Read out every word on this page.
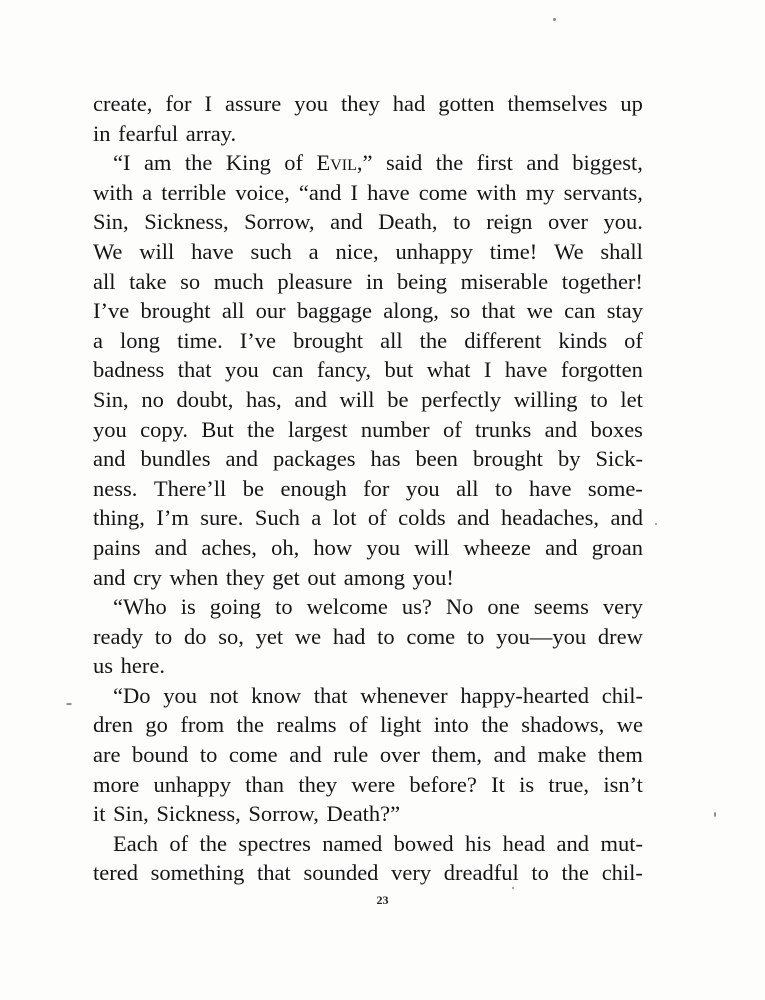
create, for I assure you they had gotten themselves up
in
fearful
array.

“I am the King of Evil,” said the first and biggest,
with a terrible voice, “and I have come with my servants,
Sin, Sickness, Sorrow, and Death, to reign over you.
We will have such a nice, unhappy time! We shall
all take so much pleasure in being miserable together!
I’ve brought all our baggage along, so that we can stay
a long time. I’ve brought all the different kinds of
badness that you can fancy, but what I have forgotten
Sin, no doubt, has, and will be perfectly willing to let
you copy. But the largest number of trunks and boxes
and bundles and packages has been brought by Sick-
ness. There’ll be enough for you all to have some-
thing, I’m sure. Such a lot of colds and headaches, and
pains and aches, oh, how you will wheeze and groan
and
cry
when
they
get
out
among
you!

“Who is going to welcome us? No one seems very
ready to do so, yet we had to come to you—you drew
us
here.

“Do you not know that whenever happy-hearted chil-
dren go from the realms of light into the shadows, we
are bound to come and rule over them, and make them
more unhappy than they were before? It is true, isn’t
it
Sin,
Sickness,
Sorrow,
Death?”

Each of the spectres named bowed his head and mut-
tered something that sounded very dreadful to the chil-
23
